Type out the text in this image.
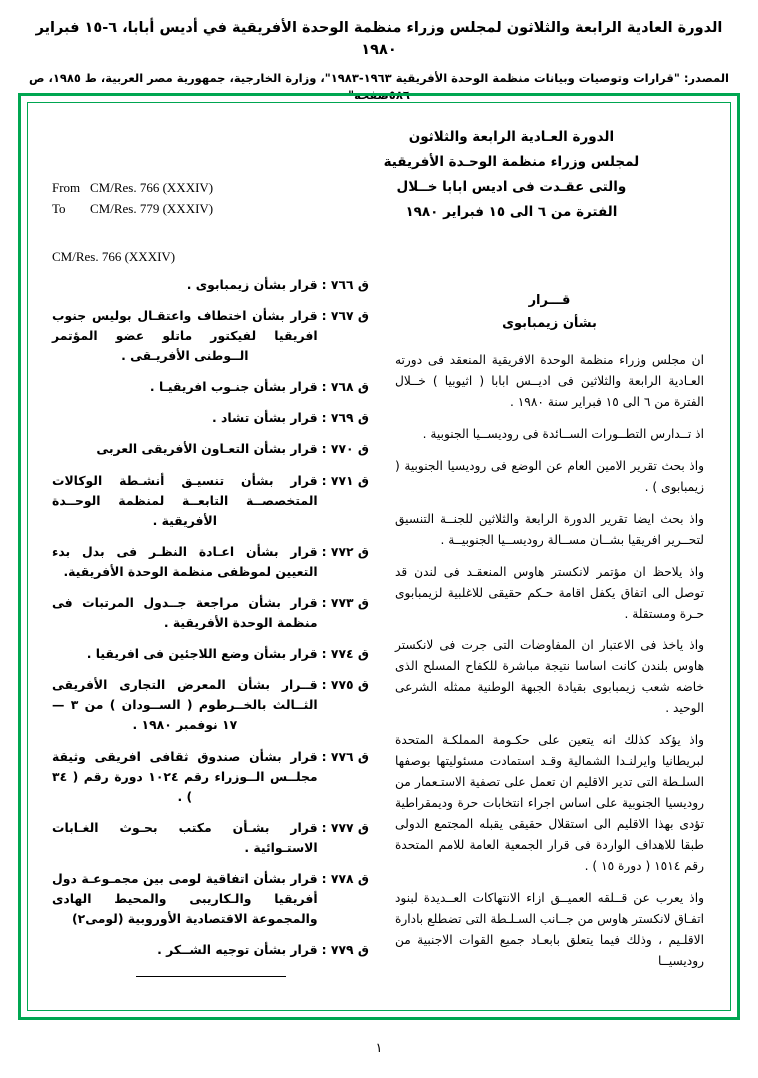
الدورة العادية الرابعة والثلاثون لمجلس وزراء منظمة الوحدة الأفريقية في أديس أبابا، ٦-١٥ فبراير ١٩٨٠
المصدر: "قرارات وتوصيات وبيانات منظمة الوحدة الأفريقية ١٩٦٣-١٩٨٣"، وزارة الخارجية، جمهورية مصر العربية، ط ١٩٨٥، ص ٥٨٦صفحة"
الدورة العـادية الرابعة والثلاثون
لمجلس وزراء منظمة الوحـدة الأفريقية
والتى عقـدت فى اديس ابابا خــلال
الفترة من ٦ الى ١٥ فبراير ١٩٨٠
From CM/Res. 766 (XXXIV)
To CM/Res. 779 (XXXIV)
CM/Res. 766 (XXXIV)
قـــرار
بشأن زيمبابوى
ان مجلس وزراء منظمة الوحدة الافريقية المنعقد فى دورته العـادية الرابعة والثلاثين فى اديــس ابابا ( اثيوبيا ) خــلال الفترة من ٦ الى ١٥ فبراير سنة ١٩٨٠ .
اذ تــدارس التطــورات الســائدة فى روديســيا الجنوبية .
واذ بحث تقرير الامين العام عن الوضع فى روديسيا الجنوبية ( زيمبابوى ) .
واذ بحث ايضا تقرير الدورة الرابعة والثلاثين للجنــة التنسيق لتحــرير افريقيا بشــان مســالة روديســيا الجنوبيــة .
واذ يلاحظ ان مؤتمر لانكستر هاوس المنعقـد فى لندن قد توصل الى اتفاق يكفل اقامة حـكم حقيقى للاغلبية لزيمبابوى حـرة ومستقلة .
واذ ياخذ فى الاعتبار ان المفاوضات التى جرت فى لانكستر هاوس بلندن كانت اساسا نتيجة مباشرة للكفاح المسلح الذى خاضه شعب زيمبابوى بقيادة الجبهة الوطنية ممثله الشرعى الوحيد .
واذ يؤكد كذلك انه يتعين على حكـومة المملكـة المتحدة لبريطانيا وايرلنـدا الشمالية وقـد استمادت مسئوليتها بوصفها السلـطة التى تدير الاقليم ان تعمل على تصفية الاستـعمار من روديسيا الجنوبية على اساس اجراء انتخابات حرة وديمقراطية تؤدى بهذا الاقليم الى استقلال حقيقى يقبله المجتمع الدولى طبقا للاهداف الواردة فى قرار الجمعية العامة للامم المتحدة رقم ١٥١٤ ( دورة ١٥ ) .
واذ يعرب عن قــلقه العميــق ازاء الانتهاكات العــديدة لبنود اتفـاق لانكستر هاوس من جــانب السـلـطة التى تضطلع بادارة الاقلـيم ، وذلك فيما يتعلق بابعـاد جميع القوات الاجنبية من روديسيــا
ق ٧٦٦ :
قرار بشأن زيمبابوى .
ق ٧٦٧ :
قرار بشأن اختطاف واعتقـال بوليس جنوب افريقيا لفيكتور ماتلو عضو المؤتمر الــوطنى الأفريـقى .
ق ٧٦٨ :
قرار بشأن جنـوب افريقيـا .
ق ٧٦٩ :
قرار بشأن تشاد .
ق ٧٧٠ :
قرار بشأن التعـاون الأفريقى العربى
ق ٧٧١ :
قرار بشأن تنسيـق أنشـطة الوكالات المتخصصــة التابعــة لمنظمة الوحــدة الأفريقية .
ق ٧٧٢ :
قرار بشأن اعـادة النظـر فى بدل بدء التعيين لموظفى منظمة الوحدة الأفريقية.
ق ٧٧٣ :
قرار بشأن مراجعة جــدول المرتبات فى منظمة الوحدة الأفريقية .
ق ٧٧٤ :
قرار بشأن وضع اللاجئين فى افريقيا .
ق ٧٧٥ :
قــرار بشأن المعرض التجارى الأفريقى الثــالث بالخــرطوم ( الســودان ) من ٣ — ١٧ نوفمبر ١٩٨٠ .
ق ٧٧٦ :
قرار بشأن صندوق ثقافى افريقى وثيقة مجلــس الــوزراء رقم ١٠٢٤ دورة رقم ( ٣٤ ) .
ق ٧٧٧ :
قرار بشـأن مكتب بحـوث الغـابات الاستـوائية .
ق ٧٧٨ :
قرار بشأن اتفاقية لومى بين مجمـوعـة دول أفريقيا والـكاريبى والمحيط الهادى والمجموعة الاقتصادية الأوروبية (لومى٢)
ق ٧٧٩ :
قرار بشأن توجيه الشــكر .
١
